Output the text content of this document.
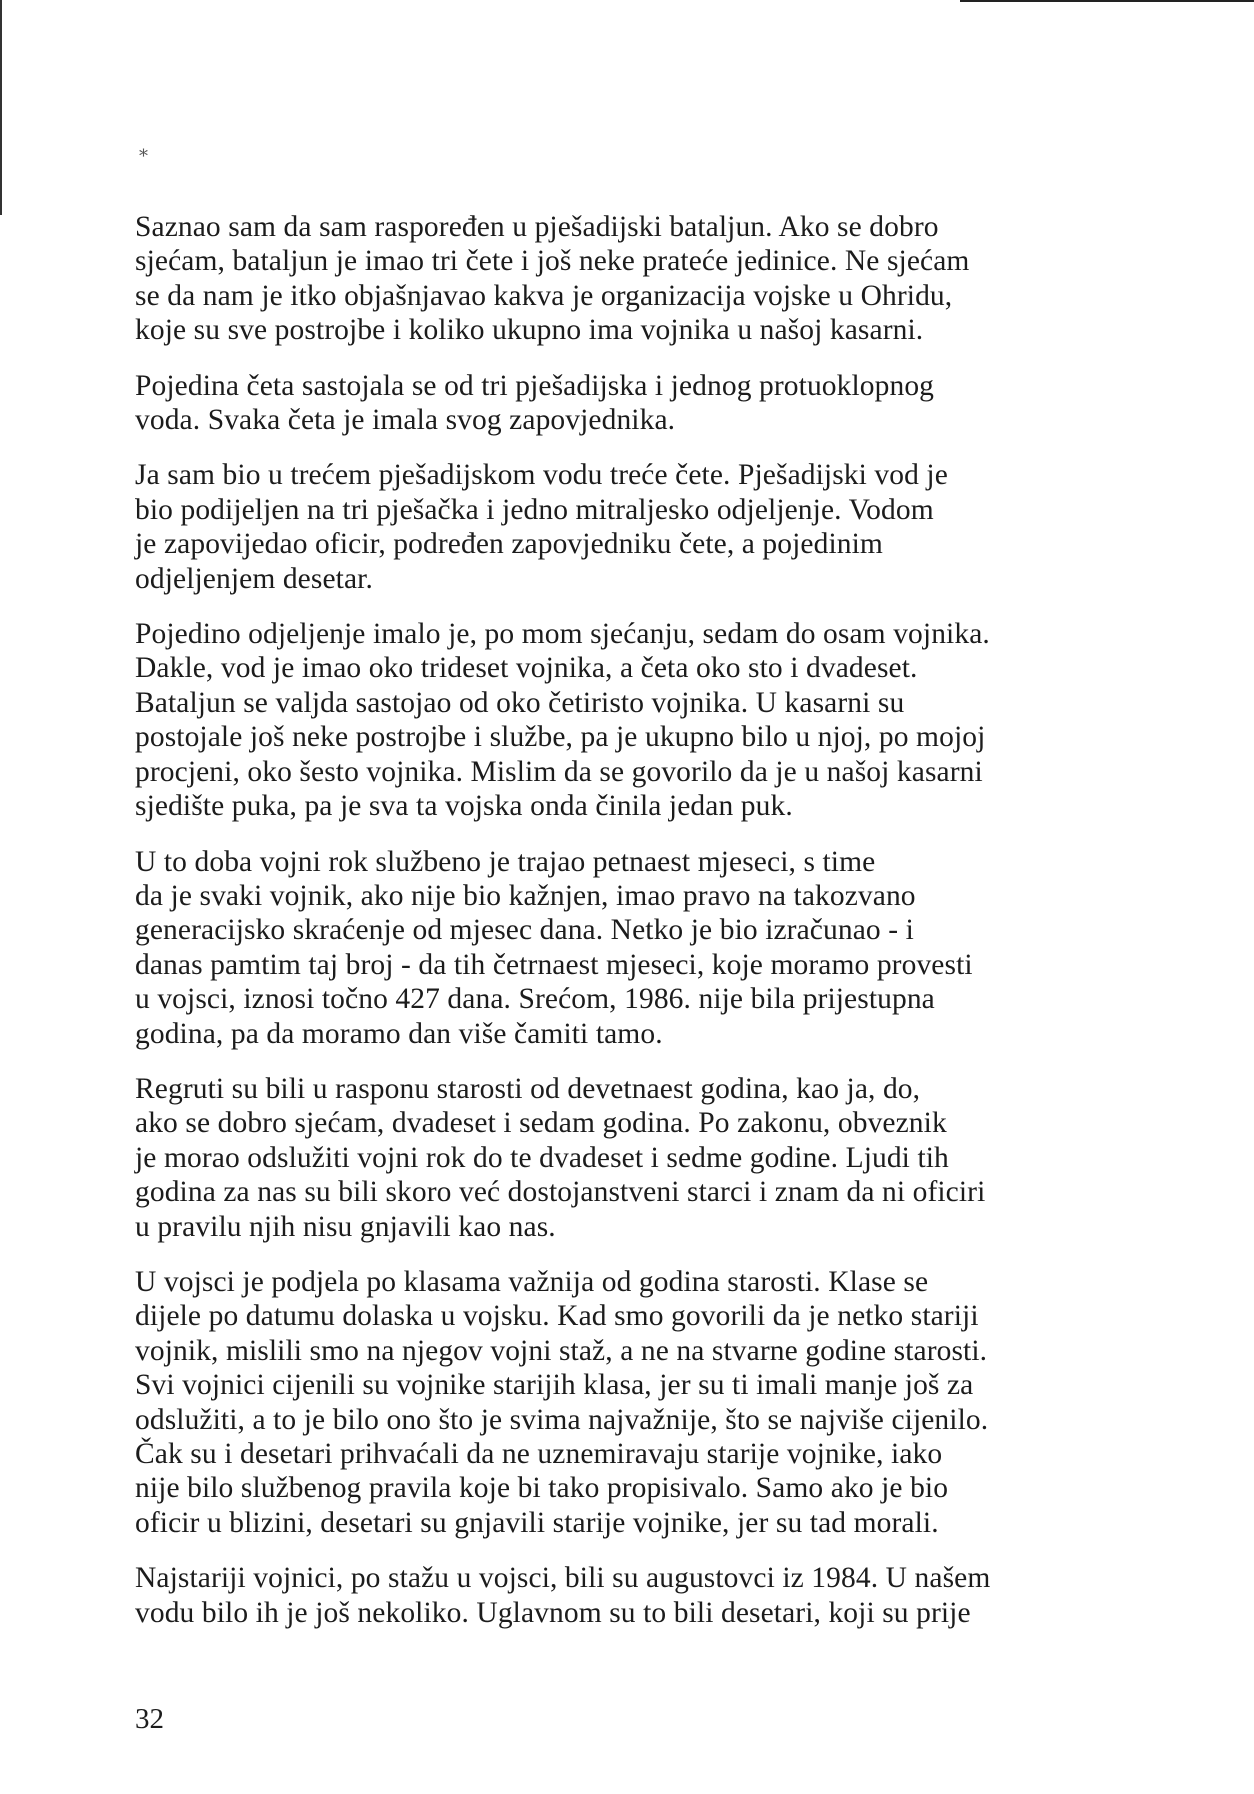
*

Saznao sam da sam raspoređen u pješadijski bataljun. Ako se dobro
sjećam, bataljun je imao tri čete i još neke prateće jedinice. Ne sjećam
se da nam je itko objašnjavao kakva je organizacija vojske u Ohridu,
koje su sve postrojbe i koliko ukupno ima vojnika u našoj kasarni.

Pojedina četa sastojala se od tri pješadijska i jednog protuoklopnog
voda. Svaka četa je imala svog zapovjednika.

Ja sam bio u trećem pješadijskom vodu treće čete. Pješadijski vod je
bio podijeljen na tri pješačka i jedno mitraljesko odjeljenje. Vodom
je zapovijedao oficir, podređen zapovjedniku čete, a pojedinim
odjeljenjem desetar.

Pojedino odjeljenje imalo je, po mom sjećanju, sedam do osam vojnika.
Dakle, vod je imao oko trideset vojnika, a četa oko sto i dvadeset.
Bataljun se valjda sastojao od oko četiristo vojnika. U kasarni su
postojale još neke postrojbe i službe, pa je ukupno bilo u njoj, po mojoj
procjeni, oko šesto vojnika. Mislim da se govorilo da je u našoj kasarni
sjedište puka, pa je sva ta vojska onda činila jedan puk.

U to doba vojni rok službeno je trajao petnaest mjeseci, s time
da je svaki vojnik, ako nije bio kažnjen, imao pravo na takozvano
generacijsko skraćenje od mjesec dana. Netko je bio izračunao - i
danas pamtim taj broj - da tih četrnaest mjeseci, koje moramo provesti
u vojsci, iznosi točno 427 dana. Srećom, 1986. nije bila prijestupna
godina, pa da moramo dan više čamiti tamo.

Regruti su bili u rasponu starosti od devetnaest godina, kao ja, do,
ako se dobro sjećam, dvadeset i sedam godina. Po zakonu, obveznik
je morao odslužiti vojni rok do te dvadeset i sedme godine. Ljudi tih
godina za nas su bili skoro već dostojanstveni starci i znam da ni oficiri
u pravilu njih nisu gnjavili kao nas.

U vojsci je podjela po klasama važnija od godina starosti. Klase se
dijele po datumu dolaska u vojsku. Kad smo govorili da je netko stariji
vojnik, mislili smo na njegov vojni staž, a ne na stvarne godine starosti.
Svi vojnici cijenili su vojnike starijih klasa, jer su ti imali manje još za
odslužiti, a to je bilo ono što je svima najvažnije, što se najviše cijenilo.
Čak su i desetari prihvaćali da ne uznemiravaju starije vojnike, iako
nije bilo službenog pravila koje bi tako propisivalo. Samo ako je bio
oficir u blizini, desetari su gnjavili starije vojnike, jer su tad morali.

Najstariji vojnici, po stažu u vojsci, bili su augustovci iz 1984. U našem
vodu bilo ih je još nekoliko. Uglavnom su to bili desetari, koji su prije

32
